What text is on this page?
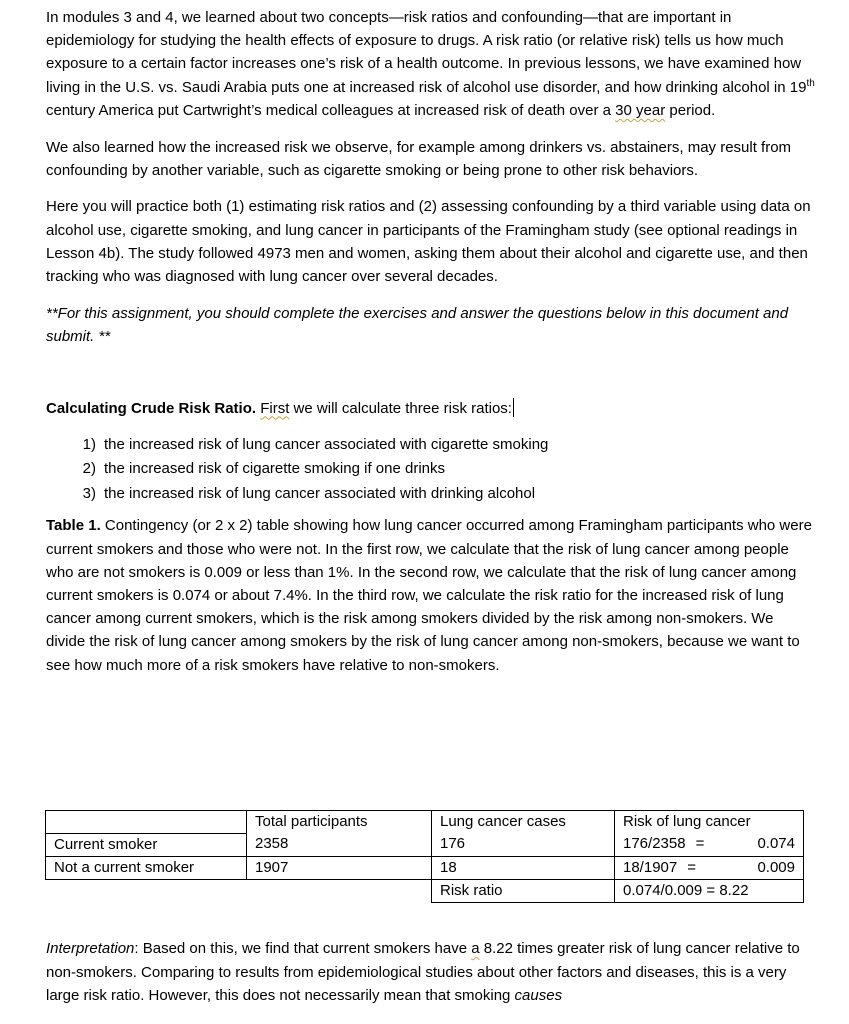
In modules 3 and 4, we learned about two concepts—risk ratios and confounding—that are important in epidemiology for studying the health effects of exposure to drugs. A risk ratio (or relative risk) tells us how much exposure to a certain factor increases one’s risk of a health outcome. In previous lessons, we have examined how living in the U.S. vs. Saudi Arabia puts one at increased risk of alcohol use disorder, and how drinking alcohol in 19th century America put Cartwright’s medical colleagues at increased risk of death over a 30 year period.

We also learned how the increased risk we observe, for example among drinkers vs. abstainers, may result from confounding by another variable, such as cigarette smoking or being prone to other risk behaviors.

Here you will practice both (1) estimating risk ratios and (2) assessing confounding by a third variable using data on alcohol use, cigarette smoking, and lung cancer in participants of the Framingham study (see optional readings in Lesson 4b). The study followed 4973 men and women, asking them about their alcohol and cigarette use, and then tracking who was diagnosed with lung cancer over several decades.

**For this assignment, you should complete the exercises and answer the questions below in this document and submit. **

Calculating Crude Risk Ratio. First we will calculate three risk ratios:

1) the increased risk of lung cancer associated with cigarette smoking
2) the increased risk of cigarette smoking if one drinks
3) the increased risk of lung cancer associated with drinking alcohol

Table 1. Contingency (or 2 x 2) table showing how lung cancer occurred among Framingham participants who were current smokers and those who were not. In the first row, we calculate that the risk of lung cancer among people who are not smokers is 0.009 or less than 1%. In the second row, we calculate that the risk of lung cancer among current smokers is 0.074 or about 7.4%. In the third row, we calculate the risk ratio for the increased risk of lung cancer among current smokers, which is the risk among smokers divided by the risk among non-smokers. We divide the risk of lung cancer among smokers by the risk of lung cancer among non-smokers, because we want to see how much more of a risk smokers have relative to non-smokers.

	Total participants	Lung cancer cases	Risk of lung cancer
Current smoker	2358	176	176/2358 = 0.074

Not a current smoker	1907	18	18/1907 = 0.009

		Risk ratio	0.074/0.009 = 8.22

Interpretation: Based on this, we find that current smokers have a 8.22 times greater risk of lung cancer relative to non-smokers. Comparing to results from epidemiological studies about other factors and diseases, this is a very large risk ratio. However, this does not necessarily mean that smoking causes
